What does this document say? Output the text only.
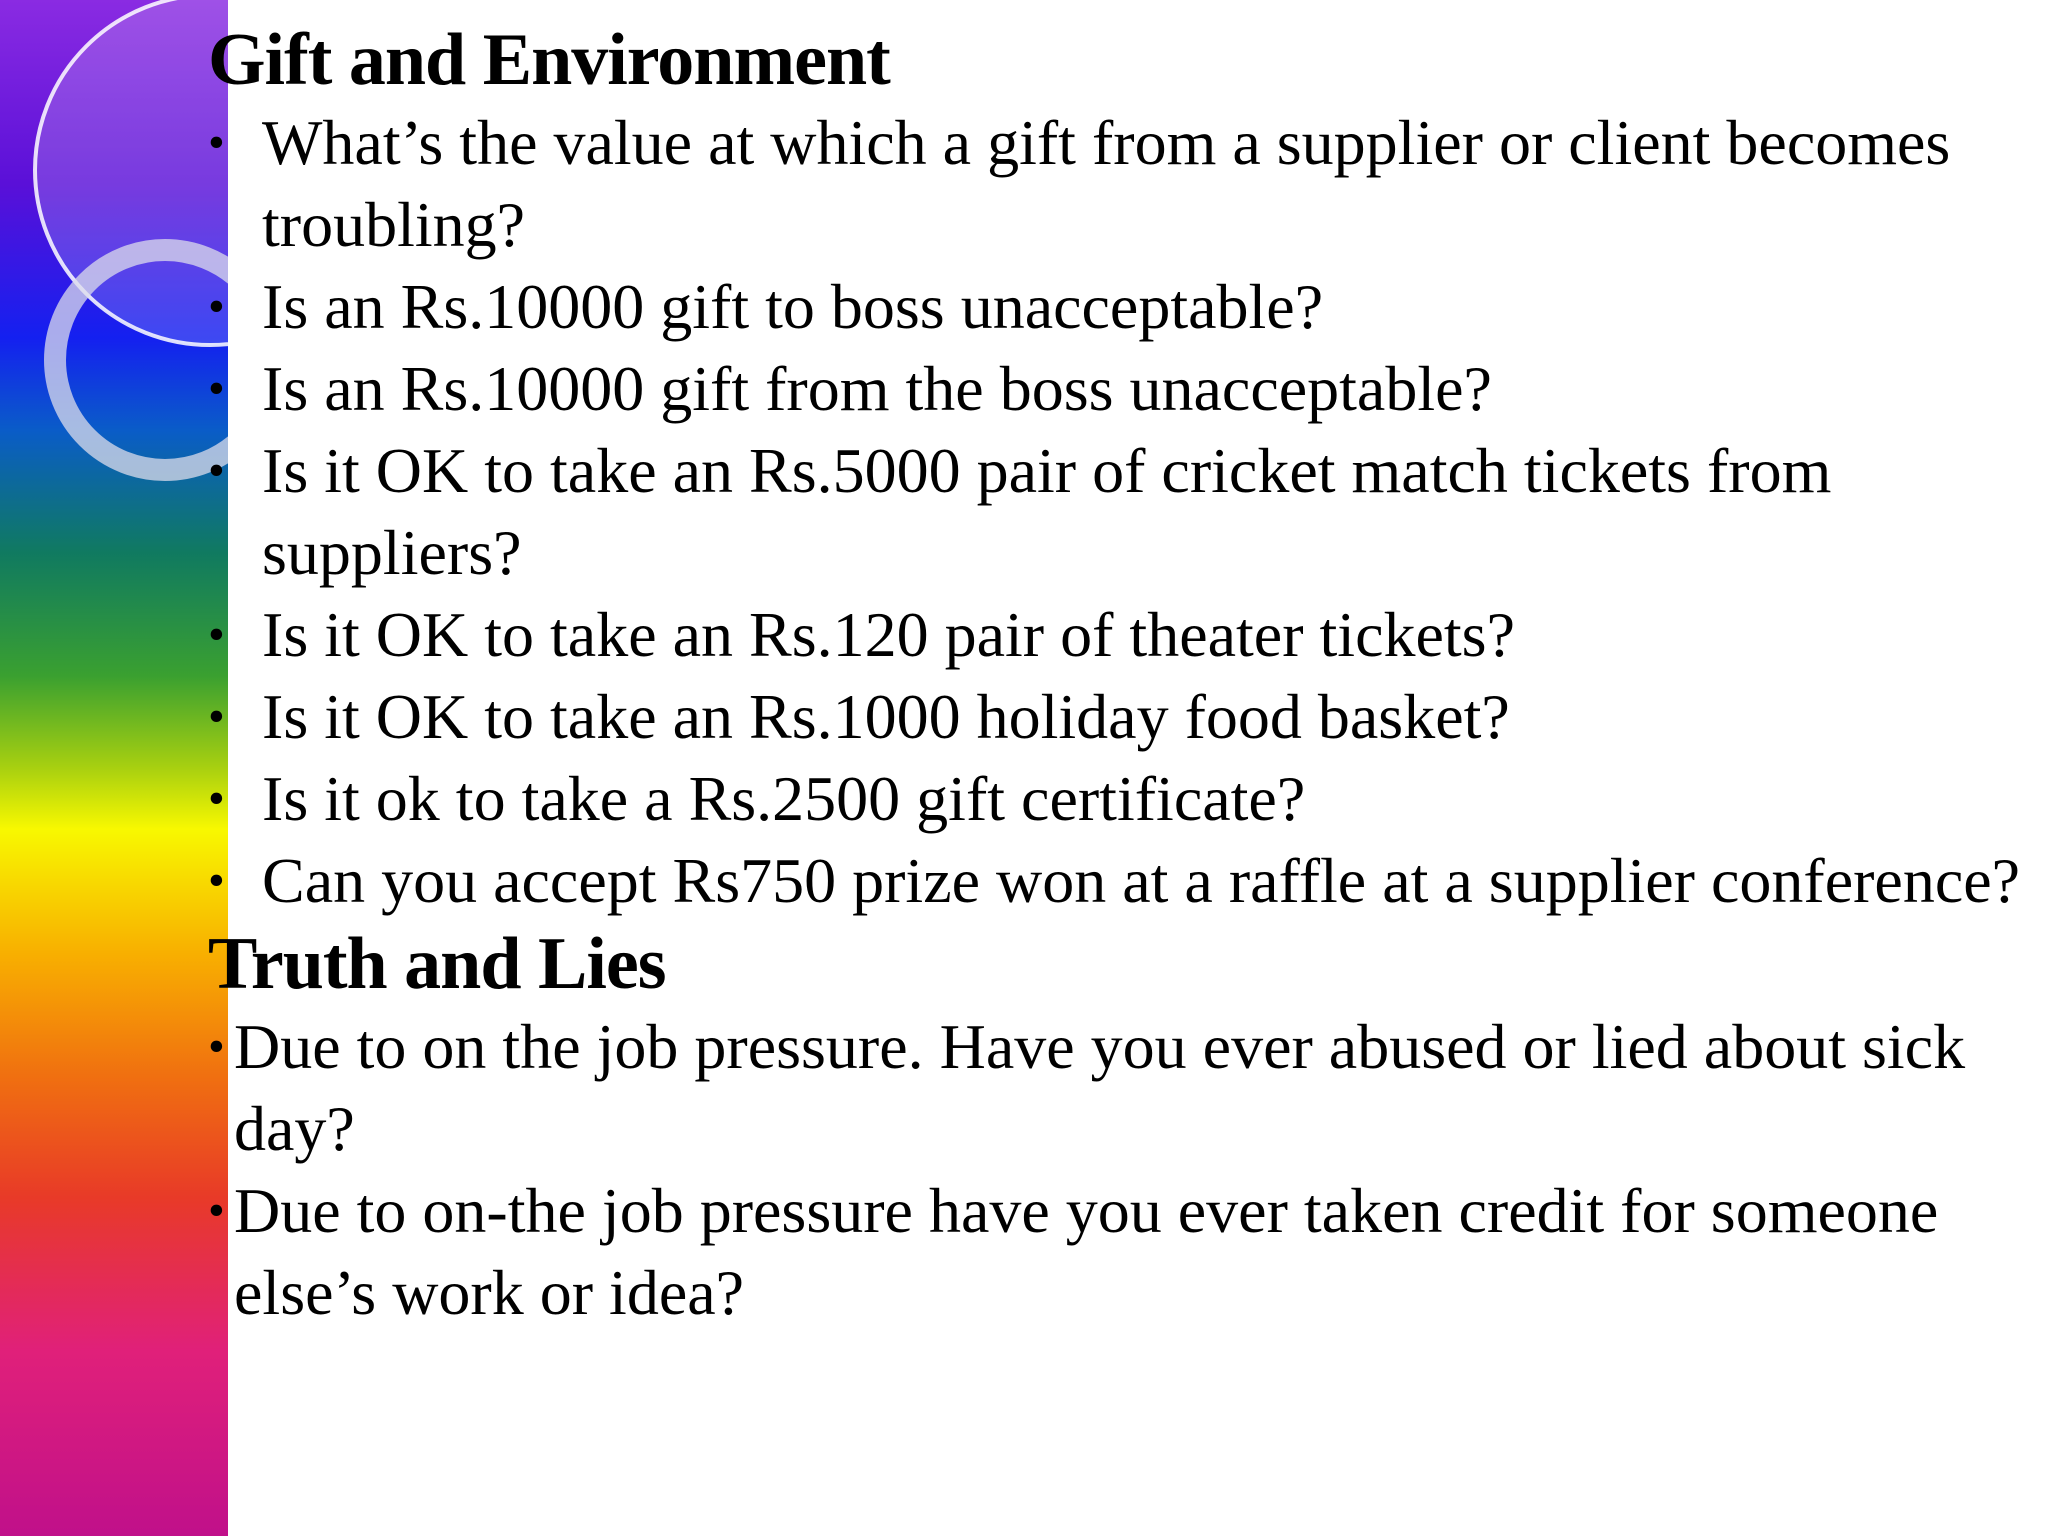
Gift and Environment
• What’s the value at which a gift from a supplier or client becomes troubling?
• Is an Rs.10000 gift to boss unacceptable?
• Is an Rs.10000 gift from the boss unacceptable?
• Is it OK to take an Rs.5000 pair of cricket match tickets from suppliers?
• Is it OK to take an Rs.120 pair of theater tickets?
• Is it OK to take an Rs.1000 holiday food basket?
• Is it ok to take a Rs.2500 gift certificate?
• Can you accept Rs750 prize won at a raffle at a supplier conference?
Truth and Lies
• Due to on the job pressure. Have you ever abused or lied about sick day?
• Due to on-the job pressure have you ever taken credit for someone else’s work or idea?
